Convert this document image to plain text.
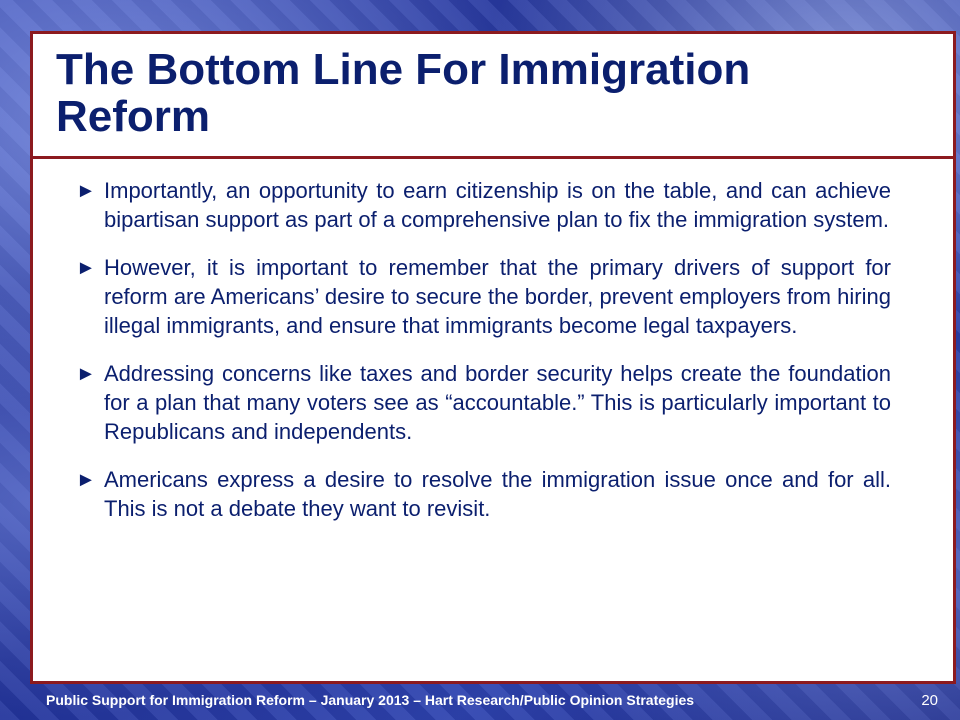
The Bottom Line For Immigration Reform
► Importantly, an opportunity to earn citizenship is on the table, and can achieve bipartisan support as part of a comprehensive plan to fix the immigration system.
► However, it is important to remember that the primary drivers of support for reform are Americans’ desire to secure the border, prevent employers from hiring illegal immigrants, and ensure that immigrants become legal taxpayers.
► Addressing concerns like taxes and border security helps create the foundation for a plan that many voters see as “accountable.” This is particularly important to Republicans and independents.
► Americans express a desire to resolve the immigration issue once and for all. This is not a debate they want to revisit.
Public Support for Immigration Reform – January 2013 – Hart Research/Public Opinion Strategies	20
